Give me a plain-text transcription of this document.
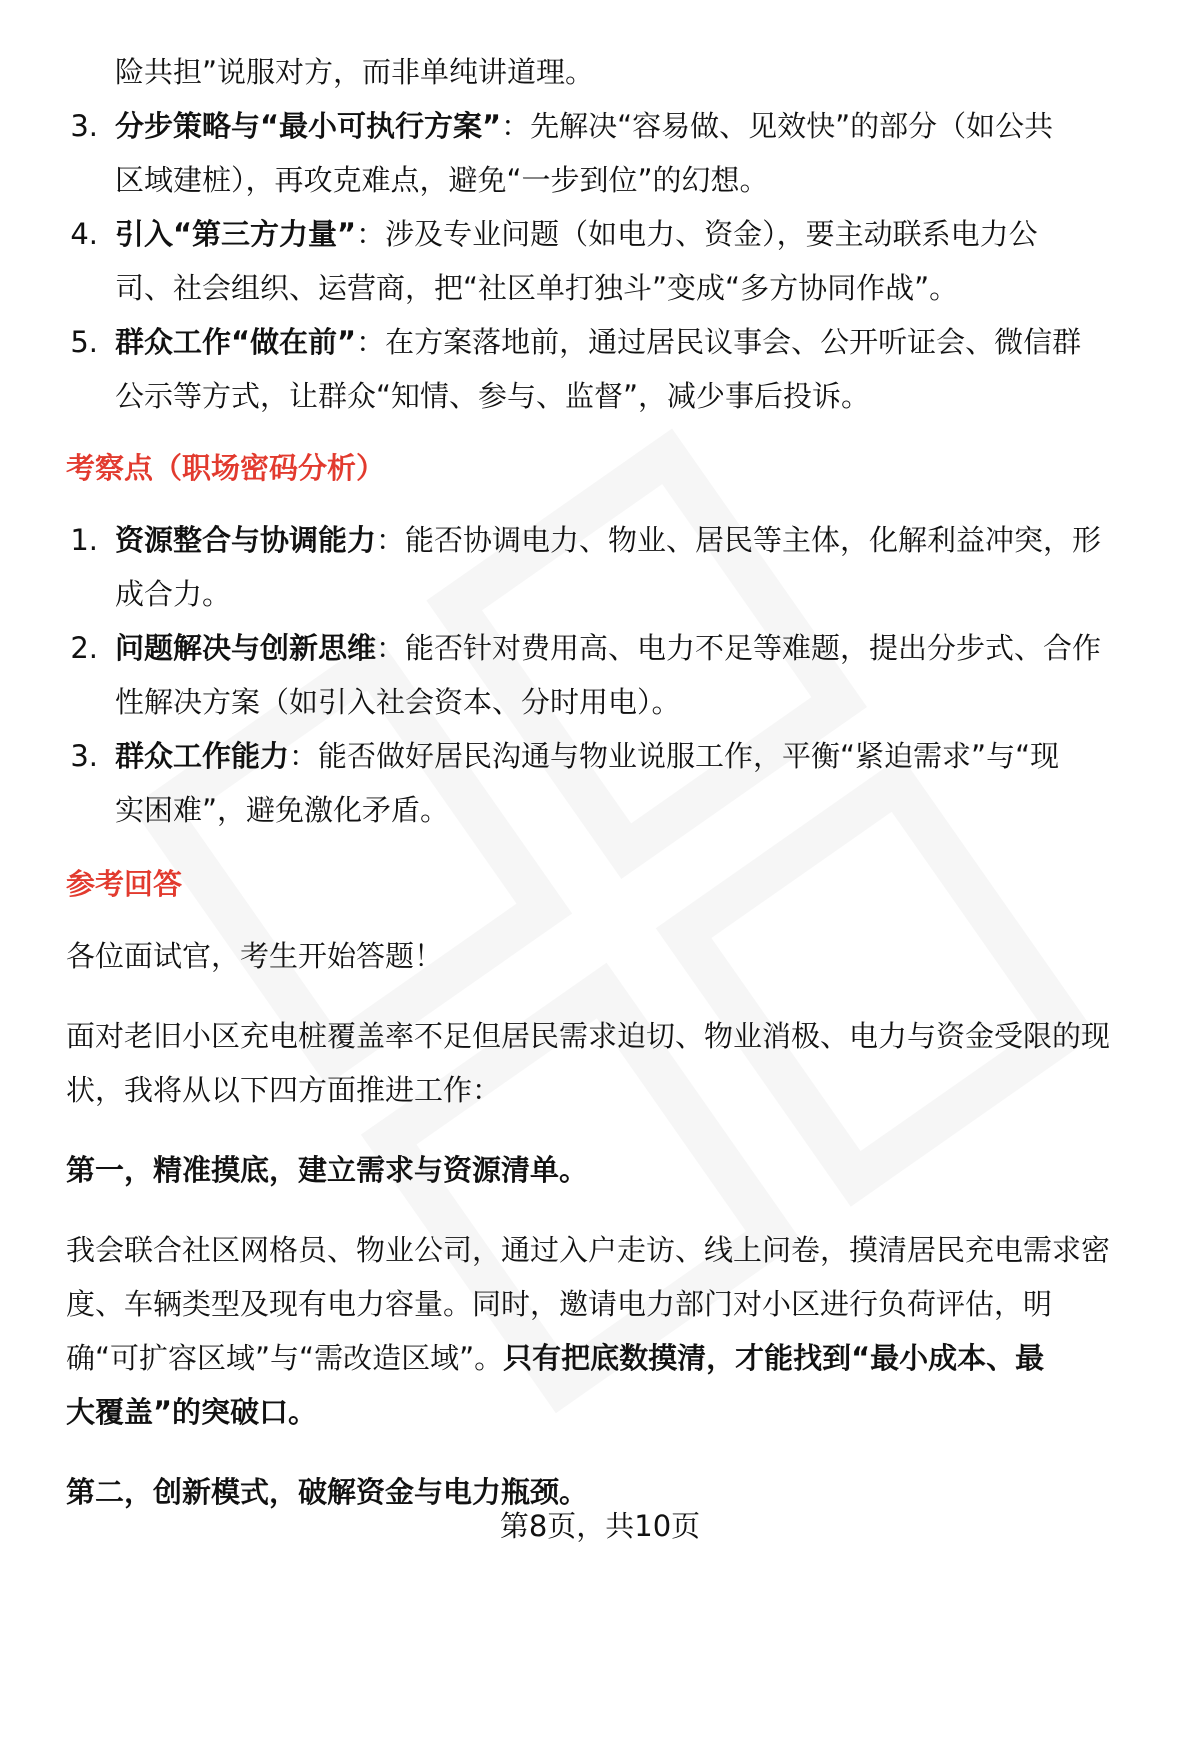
险共担”说服对方，而非单纯讲道理。
3. 分步策略与“最小可执行方案”：先解决“容易做、见效快”的部分（如公共
区域建桩），再攻克难点，避免“一步到位”的幻想。
4. 引入“第三方力量”：涉及专业问题（如电力、资金），要主动联系电力公
司、社会组织、运营商，把“社区单打独斗”变成“多方协同作战”。
5. 群众工作“做在前”：在方案落地前，通过居民议事会、公开听证会、微信群
公示等方式，让群众“知情、参与、监督”，减少事后投诉。
考察点（职场密码分析）
1. 资源整合与协调能力：能否协调电力、物业、居民等主体，化解利益冲突，形
成合力。
2. 问题解决与创新思维：能否针对费用高、电力不足等难题，提出分步式、合作
性解决方案（如引入社会资本、分时用电）。
3. 群众工作能力：能否做好居民沟通与物业说服工作，平衡“紧迫需求”与“现
实困难”，避免激化矛盾。
参考回答
各位面试官，考生开始答题！
面对老旧小区充电桩覆盖率不足但居民需求迫切、物业消极、电力与资金受限的现
状，我将从以下四方面推进工作：
第一，精准摸底，建立需求与资源清单。
我会联合社区网格员、物业公司，通过入户走访、线上问卷，摸清居民充电需求密
度、车辆类型及现有电力容量。同时，邀请电力部门对小区进行负荷评估，明
确“可扩容区域”与“需改造区域”。只有把底数摸清，才能找到“最小成本、最
大覆盖”的突破口。
第二，创新模式，破解资金与电力瓶颈。
第8页，共10页
